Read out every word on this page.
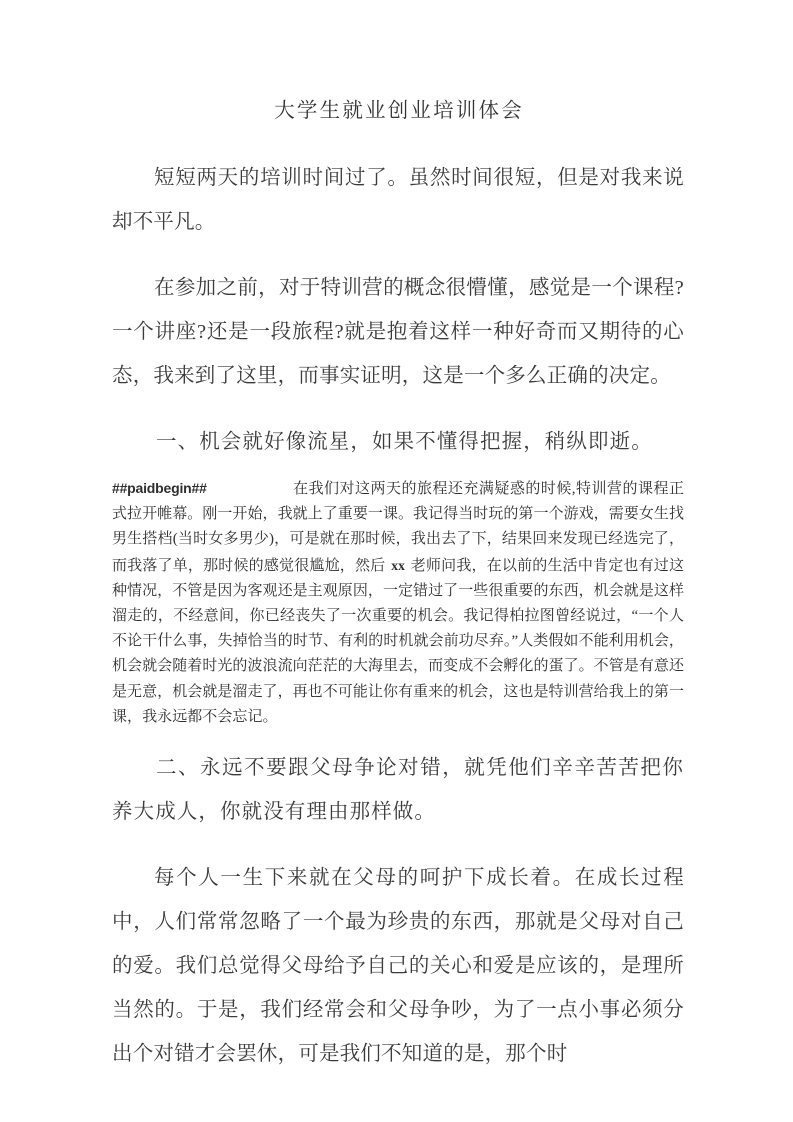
大学生就业创业培训体会

短短两天的培训时间过了。虽然时间很短，但是对我来说却不平凡。

在参加之前，对于特训营的概念很懵懂，感觉是一个课程?一个讲座?还是一段旅程?就是抱着这样一种好奇而又期待的心态，我来到了这里，而事实证明，这是一个多么正确的决定。

一、机会就好像流星，如果不懂得把握，稍纵即逝。

##paidbegin##	在我们对这两天的旅程还充满疑惑的时候,特训营的课程正式拉开帷幕。刚一开始，我就上了重要一课。我记得当时玩的第一个游戏，需要女生找男生搭档(当时女多男少)，可是就在那时候，我出去了下，结果回来发现已经选完了，而我落了单，那时候的感觉很尴尬，然后 xx 老师问我，在以前的生活中肯定也有过这种情况，不管是因为客观还是主观原因，一定错过了一些很重要的东西，机会就是这样溜走的，不经意间，你已经丧失了一次重要的机会。我记得柏拉图曾经说过，“一个人不论干什么事，失掉恰当的时节、有利的时机就会前功尽弃。”人类假如不能利用机会，机会就会随着时光的波浪流向茫茫的大海里去，而变成不会孵化的蛋了。不管是有意还是无意，机会就是溜走了，再也不可能让你有重来的机会，这也是特训营给我上的第一课，我永远都不会忘记。

二、永远不要跟父母争论对错，就凭他们辛辛苦苦把你养大成人，你就没有理由那样做。

每个人一生下来就在父母的呵护下成长着。在成长过程中，人们常常忽略了一个最为珍贵的东西，那就是父母对自己的爱。我们总觉得父母给予自己的关心和爱是应该的，是理所当然的。于是，我们经常会和父母争吵，为了一点小事必须分出个对错才会罢休，可是我们不知道的是，那个时
